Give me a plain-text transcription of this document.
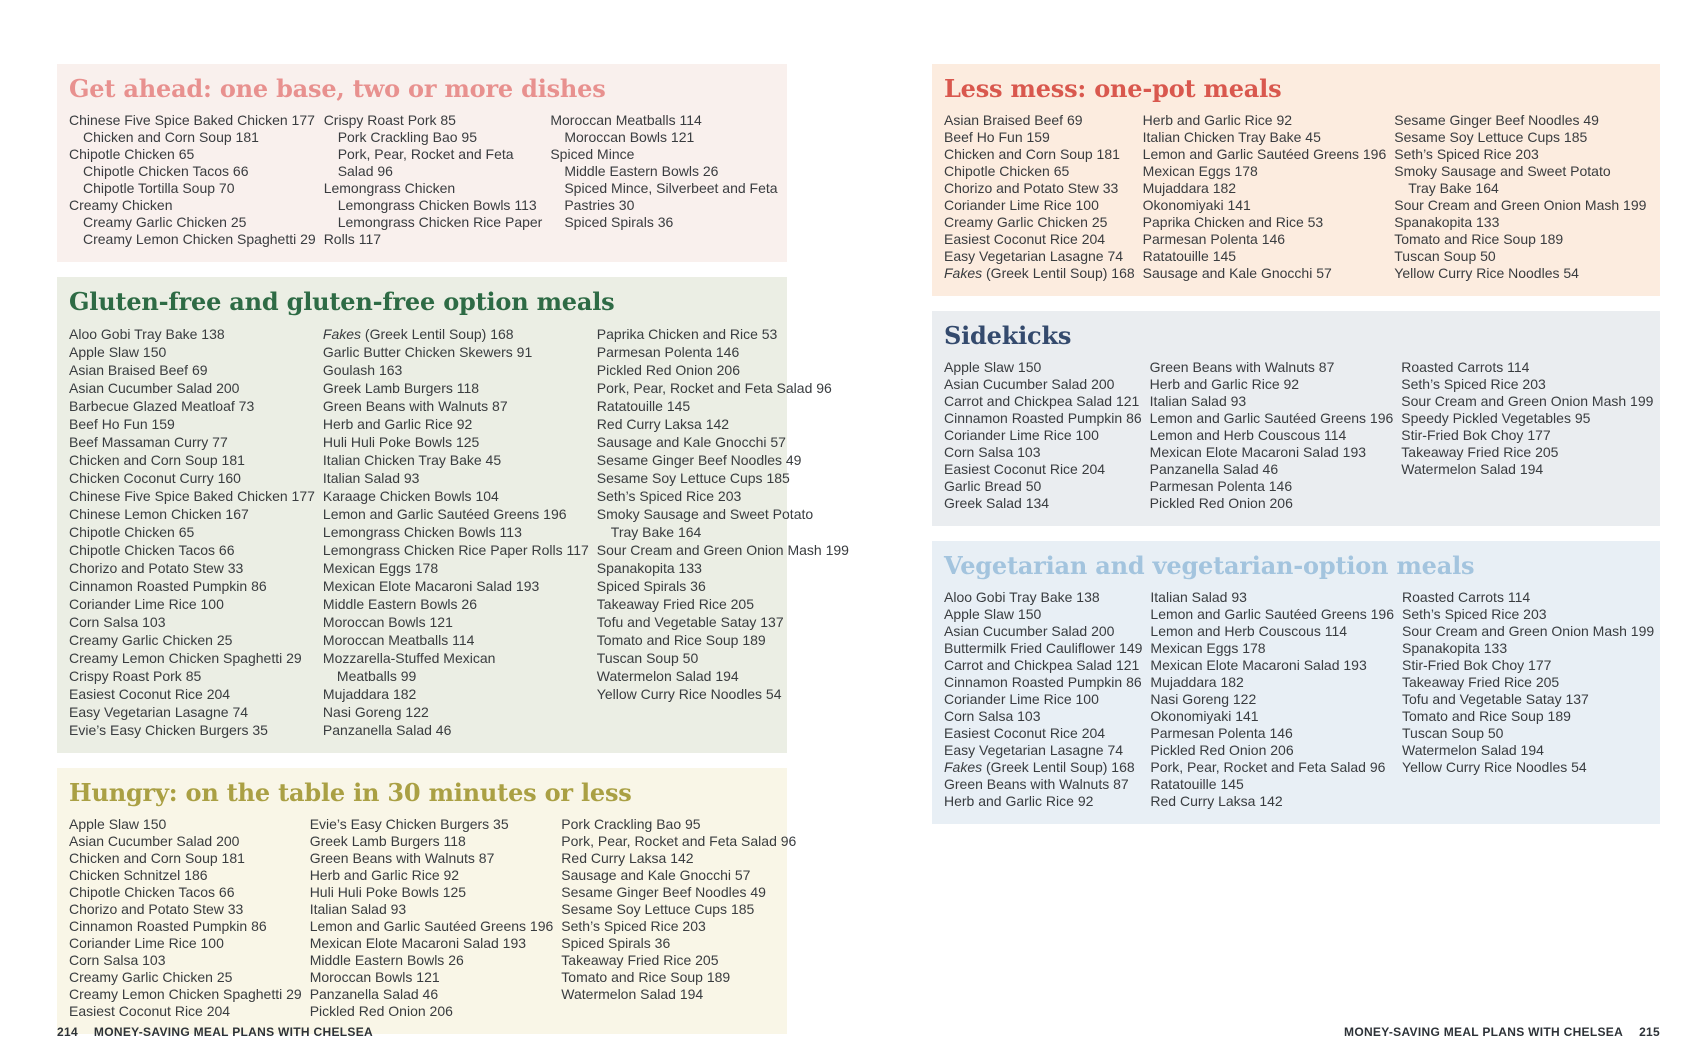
Get ahead: one base, two or more dishes
Chinese Five Spice Baked Chicken 177
Chicken and Corn Soup 181
Chipotle Chicken 65
Chipotle Chicken Tacos 66
Chipotle Tortilla Soup 70
Creamy Chicken
Creamy Garlic Chicken 25
Creamy Lemon Chicken Spaghetti 29
Crispy Roast Pork 85
Pork Crackling Bao 95
Pork, Pear, Rocket and Feta
Salad 96
Lemongrass Chicken
Lemongrass Chicken Bowls 113
Lemongrass Chicken Rice Paper
Rolls 117
Moroccan Meatballs 114
Moroccan Bowls 121
Spiced Mince
Middle Eastern Bowls 26
Spiced Mince, Silverbeet and Feta
Pastries 30
Spiced Spirals 36
Gluten-free and gluten-free option meals
Aloo Gobi Tray Bake 138
Apple Slaw 150
Asian Braised Beef 69
Asian Cucumber Salad 200
Barbecue Glazed Meatloaf 73
Beef Ho Fun 159
Beef Massaman Curry 77
Chicken and Corn Soup 181
Chicken Coconut Curry 160
Chinese Five Spice Baked Chicken 177
Chinese Lemon Chicken 167
Chipotle Chicken 65
Chipotle Chicken Tacos 66
Chorizo and Potato Stew 33
Cinnamon Roasted Pumpkin 86
Coriander Lime Rice 100
Corn Salsa 103
Creamy Garlic Chicken 25
Creamy Lemon Chicken Spaghetti 29
Crispy Roast Pork 85
Easiest Coconut Rice 204
Easy Vegetarian Lasagne 74
Evie’s Easy Chicken Burgers 35
Fakes (Greek Lentil Soup) 168
Garlic Butter Chicken Skewers 91
Goulash 163
Greek Lamb Burgers 118
Green Beans with Walnuts 87
Herb and Garlic Rice 92
Huli Huli Poke Bowls 125
Italian Chicken Tray Bake 45
Italian Salad 93
Karaage Chicken Bowls 104
Lemon and Garlic Sautéed Greens 196
Lemongrass Chicken Bowls 113
Lemongrass Chicken Rice Paper Rolls 117
Mexican Eggs 178
Mexican Elote Macaroni Salad 193
Middle Eastern Bowls 26
Moroccan Bowls 121
Moroccan Meatballs 114
Mozzarella-Stuffed Mexican
Meatballs 99
Mujaddara 182
Nasi Goreng 122
Panzanella Salad 46
Paprika Chicken and Rice 53
Parmesan Polenta 146
Pickled Red Onion 206
Pork, Pear, Rocket and Feta Salad 96
Ratatouille 145
Red Curry Laksa 142
Sausage and Kale Gnocchi 57
Sesame Ginger Beef Noodles 49
Sesame Soy Lettuce Cups 185
Seth’s Spiced Rice 203
Smoky Sausage and Sweet Potato
Tray Bake 164
Sour Cream and Green Onion Mash 199
Spanakopita 133
Spiced Spirals 36
Takeaway Fried Rice 205
Tofu and Vegetable Satay 137
Tomato and Rice Soup 189
Tuscan Soup 50
Watermelon Salad 194
Yellow Curry Rice Noodles 54
Hungry: on the table in 30 minutes or less
Apple Slaw 150
Asian Cucumber Salad 200
Chicken and Corn Soup 181
Chicken Schnitzel 186
Chipotle Chicken Tacos 66
Chorizo and Potato Stew 33
Cinnamon Roasted Pumpkin 86
Coriander Lime Rice 100
Corn Salsa 103
Creamy Garlic Chicken 25
Creamy Lemon Chicken Spaghetti 29
Easiest Coconut Rice 204
Evie’s Easy Chicken Burgers 35
Greek Lamb Burgers 118
Green Beans with Walnuts 87
Herb and Garlic Rice 92
Huli Huli Poke Bowls 125
Italian Salad 93
Lemon and Garlic Sautéed Greens 196
Mexican Elote Macaroni Salad 193
Middle Eastern Bowls 26
Moroccan Bowls 121
Panzanella Salad 46
Pickled Red Onion 206
Pork Crackling Bao 95
Pork, Pear, Rocket and Feta Salad 96
Red Curry Laksa 142
Sausage and Kale Gnocchi 57
Sesame Ginger Beef Noodles 49
Sesame Soy Lettuce Cups 185
Seth’s Spiced Rice 203
Spiced Spirals 36
Takeaway Fried Rice 205
Tomato and Rice Soup 189
Watermelon Salad 194
214 MONEY-SAVING MEAL PLANS WITH CHELSEA
Less mess: one-pot meals
Asian Braised Beef 69
Beef Ho Fun 159
Chicken and Corn Soup 181
Chipotle Chicken 65
Chorizo and Potato Stew 33
Coriander Lime Rice 100
Creamy Garlic Chicken 25
Easiest Coconut Rice 204
Easy Vegetarian Lasagne 74
Fakes (Greek Lentil Soup) 168
Herb and Garlic Rice 92
Italian Chicken Tray Bake 45
Lemon and Garlic Sautéed Greens 196
Mexican Eggs 178
Mujaddara 182
Okonomiyaki 141
Paprika Chicken and Rice 53
Parmesan Polenta 146
Ratatouille 145
Sausage and Kale Gnocchi 57
Sesame Ginger Beef Noodles 49
Sesame Soy Lettuce Cups 185
Seth’s Spiced Rice 203
Smoky Sausage and Sweet Potato
Tray Bake 164
Sour Cream and Green Onion Mash 199
Spanakopita 133
Tomato and Rice Soup 189
Tuscan Soup 50
Yellow Curry Rice Noodles 54
Sidekicks
Apple Slaw 150
Asian Cucumber Salad 200
Carrot and Chickpea Salad 121
Cinnamon Roasted Pumpkin 86
Coriander Lime Rice 100
Corn Salsa 103
Easiest Coconut Rice 204
Garlic Bread 50
Greek Salad 134
Green Beans with Walnuts 87
Herb and Garlic Rice 92
Italian Salad 93
Lemon and Garlic Sautéed Greens 196
Lemon and Herb Couscous 114
Mexican Elote Macaroni Salad 193
Panzanella Salad 46
Parmesan Polenta 146
Pickled Red Onion 206
Roasted Carrots 114
Seth’s Spiced Rice 203
Sour Cream and Green Onion Mash 199
Speedy Pickled Vegetables 95
Stir-Fried Bok Choy 177
Takeaway Fried Rice 205
Watermelon Salad 194
Vegetarian and vegetarian-option meals
Aloo Gobi Tray Bake 138
Apple Slaw 150
Asian Cucumber Salad 200
Buttermilk Fried Cauliflower 149
Carrot and Chickpea Salad 121
Cinnamon Roasted Pumpkin 86
Coriander Lime Rice 100
Corn Salsa 103
Easiest Coconut Rice 204
Easy Vegetarian Lasagne 74
Fakes (Greek Lentil Soup) 168
Green Beans with Walnuts 87
Herb and Garlic Rice 92
Italian Salad 93
Lemon and Garlic Sautéed Greens 196
Lemon and Herb Couscous 114
Mexican Eggs 178
Mexican Elote Macaroni Salad 193
Mujaddara 182
Nasi Goreng 122
Okonomiyaki 141
Parmesan Polenta 146
Pickled Red Onion 206
Pork, Pear, Rocket and Feta Salad 96
Ratatouille 145
Red Curry Laksa 142
Roasted Carrots 114
Seth’s Spiced Rice 203
Sour Cream and Green Onion Mash 199
Spanakopita 133
Stir-Fried Bok Choy 177
Takeaway Fried Rice 205
Tofu and Vegetable Satay 137
Tomato and Rice Soup 189
Tuscan Soup 50
Watermelon Salad 194
Yellow Curry Rice Noodles 54
MONEY-SAVING MEAL PLANS WITH CHELSEA 215
